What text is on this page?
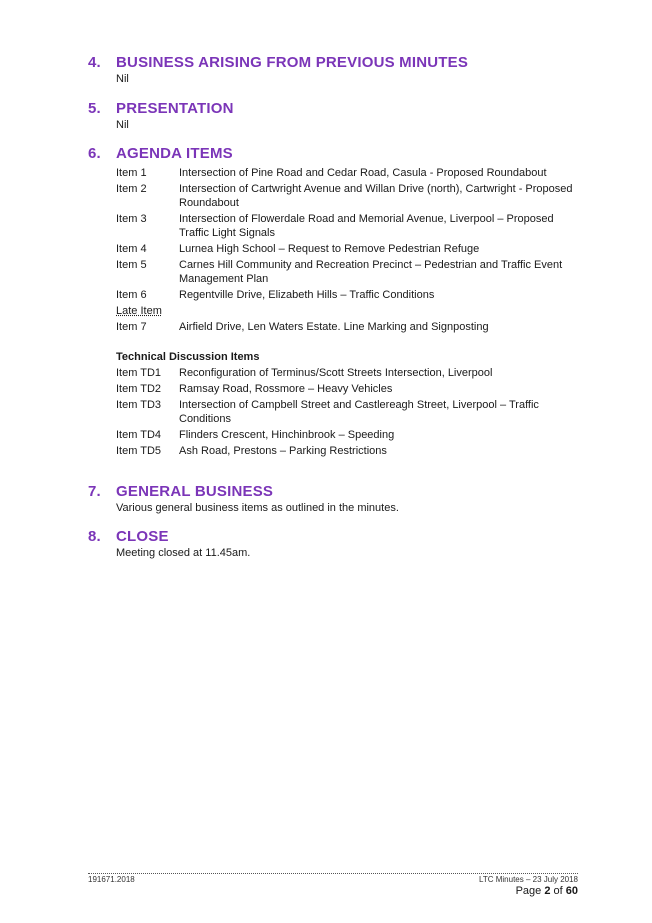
4.	BUSINESS ARISING FROM PREVIOUS MINUTES
Nil
5.	PRESENTATION
Nil
6.	AGENDA ITEMS
Item 1	Intersection of Pine Road and Cedar Road, Casula - Proposed Roundabout
Item 2	Intersection of Cartwright Avenue and Willan Drive (north), Cartwright - Proposed Roundabout
Item 3	Intersection of Flowerdale Road and Memorial Avenue, Liverpool – Proposed Traffic Light Signals
Item 4	Lurnea High School – Request to Remove Pedestrian Refuge
Item 5	Carnes Hill Community and Recreation Precinct – Pedestrian and Traffic Event Management Plan
Item 6	Regentville Drive, Elizabeth Hills – Traffic Conditions
Late Item
Item 7	Airfield Drive, Len Waters Estate. Line Marking and Signposting
Technical Discussion Items
Item TD1	Reconfiguration of Terminus/Scott Streets Intersection, Liverpool
Item TD2	Ramsay Road, Rossmore – Heavy Vehicles
Item TD3	Intersection of Campbell Street and Castlereagh Street, Liverpool – Traffic Conditions
Item TD4	Flinders Crescent, Hinchinbrook – Speeding
Item TD5	Ash Road, Prestons – Parking Restrictions
7.	GENERAL BUSINESS
Various general business items as outlined in the minutes.
8.	CLOSE
Meeting closed at 11.45am.
191671.2018	LTC Minutes – 23 July 2018
Page 2 of 60
